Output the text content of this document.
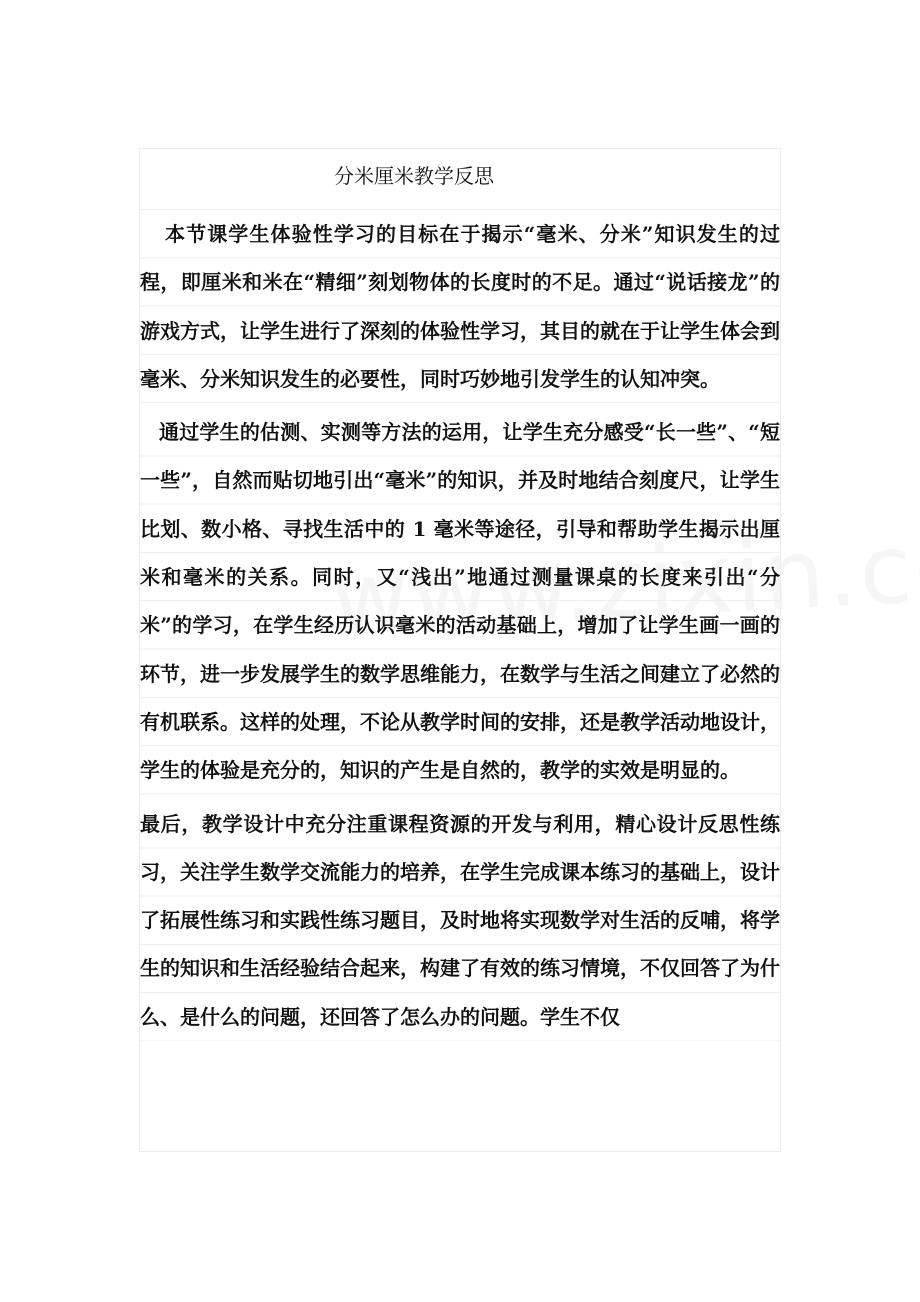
分米厘米教学反思

本节课学生体验性学习的目标在于揭示“毫米、分米”知识发生的过程，即厘米和米在“精细”刻划物体的长度时的不足。通过“说话接龙”的游戏方式，让学生进行了深刻的体验性学习，其目的就在于让学生体会到毫米、分米知识发生的必要性，同时巧妙地引发学生的认知冲突。

通过学生的估测、实测等方法的运用，让学生充分感受“长一些”、“短一些”，自然而贴切地引出“毫米”的知识，并及时地结合刻度尺，让学生比划、数小格、寻找生活中的 1 毫米等途径，引导和帮助学生揭示出厘米和毫米的关系。同时，又“浅出”地通过测量课桌的长度来引出“分米”的学习，在学生经历认识毫米的活动基础上，增加了让学生画一画的环节，进一步发展学生的数学思维能力，在数学与生活之间建立了必然的有机联系。这样的处理，不论从教学时间的安排，还是教学活动地设计，学生的体验是充分的，知识的产生是自然的，教学的实效是明显的。

最后，教学设计中充分注重课程资源的开发与利用，精心设计反思性练习，关注学生数学交流能力的培养，在学生完成课本练习的基础上，设计了拓展性练习和实践性练习题目，及时地将实现数学对生活的反哺，将学生的知识和生活经验结合起来，构建了有效的练习情境，不仅回答了为什么、是什么的问题，还回答了怎么办的问题。学生不仅
